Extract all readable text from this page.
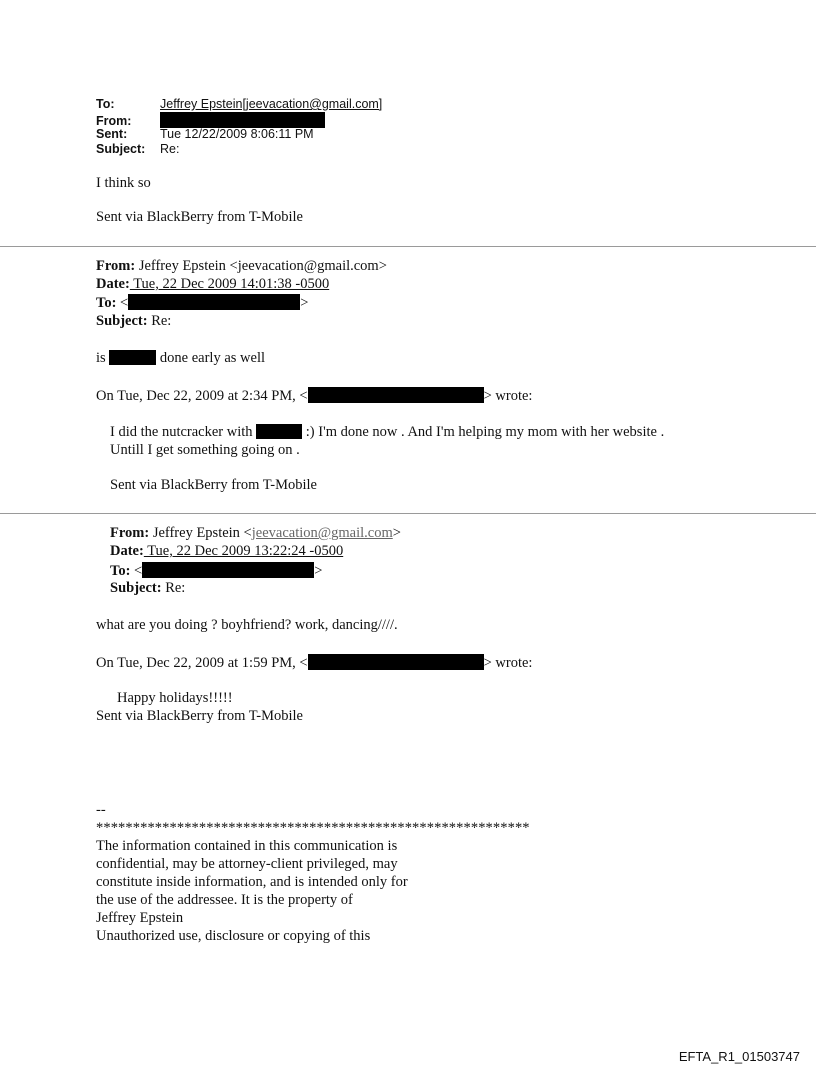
To:	Jeffrey Epstein[jeevacation@gmail.com]
From:
Sent:	Tue 12/22/2009 8:06:11 PM
Subject: Re:
I think so
Sent via BlackBerry from T-Mobile
From: Jeffrey Epstein <jeevacation@gmail.com>
Date: Tue, 22 Dec 2009 14:01:38 -0500
To: <	>
Subject: Re:
is	done early as well
On Tue, Dec 22, 2009 at 2:34 PM, <	> wrote:
I did the nutcracker with	:) I'm done now . And I'm helping my mom with her website .
Untill I get something going on .
Sent via BlackBerry from T-Mobile
From: Jeffrey Epstein <jeevacation@gmail.com>
Date: Tue, 22 Dec 2009 13:22:24 -0500
To: <	>
Subject: Re:
what are you doing ? boyhfriend? work, dancing////.
On Tue, Dec 22, 2009 at 1:59 PM, <	> wrote:
Happy holidays!!!!!
Sent via BlackBerry from T-Mobile
--
***********************************************************
The information contained in this communication is
confidential, may be attorney-client privileged, may
constitute inside information, and is intended only for
the use of the addressee. It is the property of
Jeffrey Epstein
Unauthorized use, disclosure or copying of this
EFTA_R1_01503747
